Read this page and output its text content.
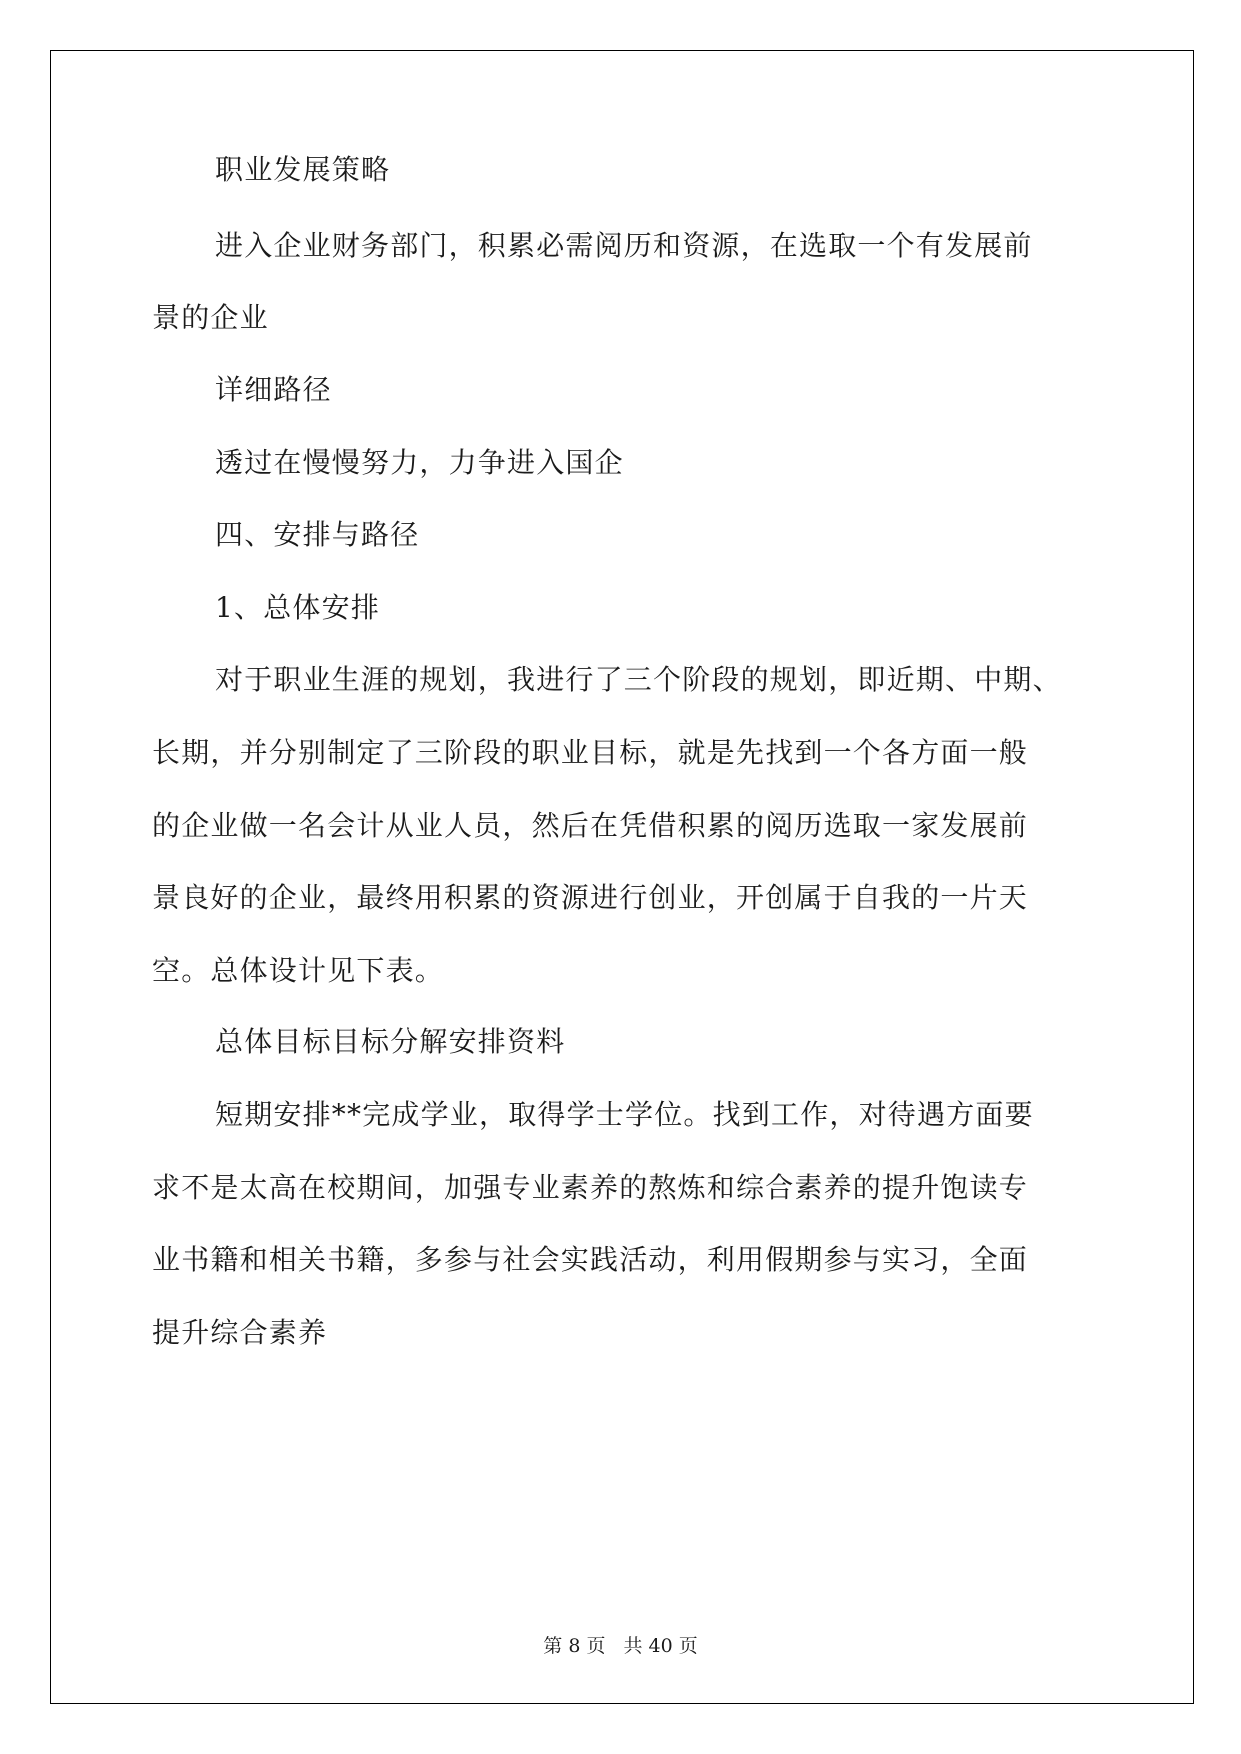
职业发展策略
进入企业财务部门，积累必需阅历和资源，在选取一个有发展前
景的企业
详细路径
透过在慢慢努力，力争进入国企
四、安排与路径
1、总体安排
对于职业生涯的规划，我进行了三个阶段的规划，即近期、中期、
长期，并分别制定了三阶段的职业目标，就是先找到一个各方面一般
的企业做一名会计从业人员，然后在凭借积累的阅历选取一家发展前
景良好的企业，最终用积累的资源进行创业，开创属于自我的一片天
空。总体设计见下表。
总体目标目标分解安排资料
短期安排**完成学业，取得学士学位。找到工作，对待遇方面要
求不是太高在校期间，加强专业素养的熬炼和综合素养的提升饱读专
业书籍和相关书籍，多参与社会实践活动，利用假期参与实习，全面
提升综合素养
第 8 页 共 40 页
